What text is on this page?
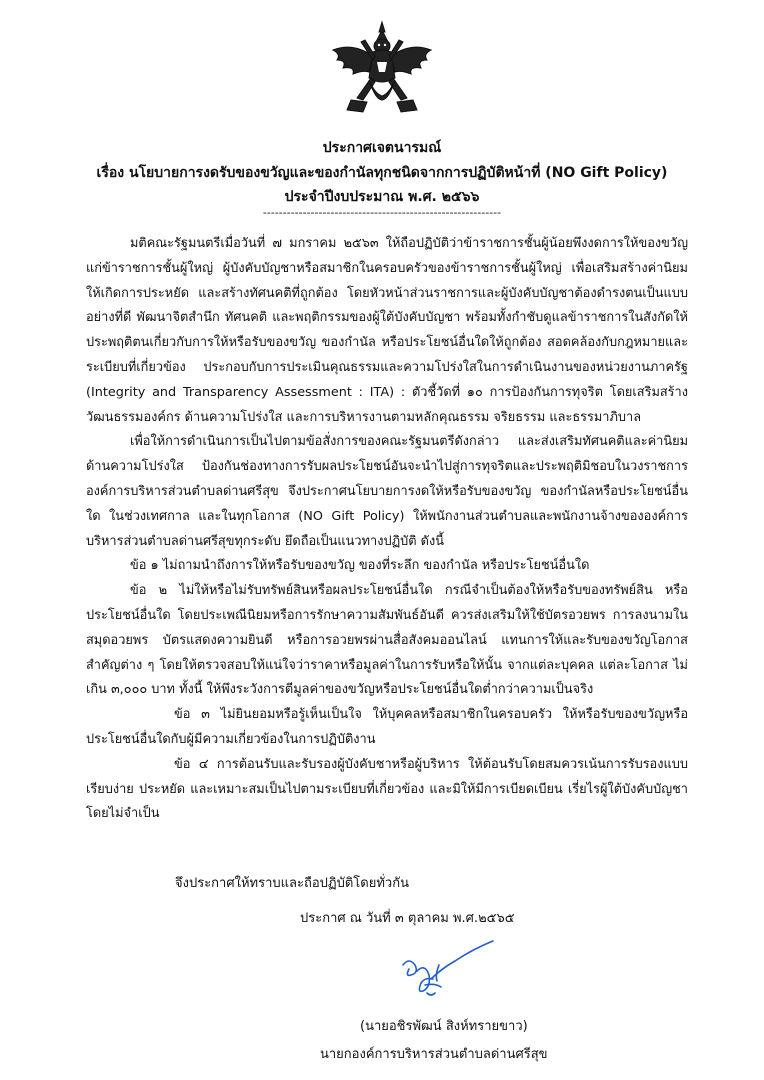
ประกาศเจตนารมณ์
เรื่อง นโยบายการงดรับของขวัญและของกำนัลทุกชนิดจากการปฏิบัติหน้าที่ (NO Gift Policy)
ประจำปีงบประมาณ พ.ศ. ๒๕๖๖
------------------------------------------------------------

มติคณะรัฐมนตรีเมื่อวันที่ ๗ มกราคม ๒๕๖๓ ให้ถือปฏิบัติว่าข้าราชการชั้นผู้น้อยพึงงดการให้ของขวัญแก่ข้าราชการชั้นผู้ใหญ่ ผู้บังคับบัญชาหรือสมาชิกในครอบครัวของข้าราชการชั้นผู้ใหญ่ เพื่อเสริมสร้างค่านิยมให้เกิดการประหยัด และสร้างทัศนคติที่ถูกต้อง โดยหัวหน้าส่วนราชการและผู้บังคับบัญชาต้องดำรงตนเป็นแบบอย่างที่ดี พัฒนาจิตสำนึก ทัศนคติ และพฤติกรรมของผู้ใต้บังคับบัญชา พร้อมทั้งกำชับดูแลข้าราชการในสังกัดให้ประพฤติตนเกี่ยวกับการให้หรือรับของขวัญ ของกำนัล หรือประโยชน์อื่นใดให้ถูกต้อง สอดคล้องกับกฎหมายและระเบียบที่เกี่ยวข้อง ประกอบกับการประเมินคุณธรรมและความโปร่งใสในการดำเนินงานของหน่วยงานภาครัฐ (Integrity and Transparency Assessment : ITA) : ตัวชี้วัดที่ ๑๐ การป้องกันการทุจริต โดยเสริมสร้างวัฒนธรรมองค์กร ด้านความโปร่งใส และการบริหารงานตามหลักคุณธรรม จริยธรรม และธรรมาภิบาล

เพื่อให้การดำเนินการเป็นไปตามข้อสั่งการของคณะรัฐมนตรีดังกล่าว และส่งเสริมทัศนคติและค่านิยมด้านความโปร่งใส ป้องกันช่องทางการรับผลประโยชน์อันจะนำไปสู่การทุจริตและประพฤติมิชอบในวงราชการ องค์การบริหารส่วนตำบลด่านศรีสุข จึงประกาศนโยบายการงดให้หรือรับของขวัญ ของกำนัลหรือประโยชน์อื่นใด ในช่วงเทศกาล และในทุกโอกาส (NO Gift Policy) ให้พนักงานส่วนตำบลและพนักงานจ้างขององค์การบริหารส่วนตำบลด่านศรีสุขทุกระดับ ยึดถือเป็นแนวทางปฏิบัติ ดังนี้

ข้อ ๑ ไม่ถามนำถึงการให้หรือรับของขวัญ ของที่ระลึก ของกำนัล หรือประโยชน์อื่นใด

ข้อ ๒ ไม่ให้หรือไม่รับทรัพย์สินหรือผลประโยชน์อื่นใด กรณีจำเป็นต้องให้หรือรับของทรัพย์สิน หรือประโยชน์อื่นใด โดยประเพณีนิยมหรือการรักษาความสัมพันธ์อันดี ควรส่งเสริมให้ใช้บัตรอวยพร การลงนามในสมุดอวยพร บัตรแสดงความยินดี หรือการอวยพรผ่านสื่อสังคมออนไลน์ แทนการให้และรับของขวัญโอกาสสำคัญต่าง ๆ โดยให้ตรวจสอบให้แน่ใจว่าราคาหรือมูลค่าในการรับหรือให้นั้น จากแต่ละบุคคล แต่ละโอกาส ไม่เกิน ๓,๐๐๐ บาท ทั้งนี้ ให้พึงระวังการตีมูลค่าของขวัญหรือประโยชน์อื่นใดต่ำกว่าความเป็นจริง

ข้อ ๓ ไม่ยินยอมหรือรู้เห็นเป็นใจ ให้บุคคลหรือสมาชิกในครอบครัว ให้หรือรับของขวัญหรือประโยชน์อื่นใดกับผู้มีความเกี่ยวข้องในการปฏิบัติงาน

ข้อ ๔ การต้อนรับและรับรองผู้บังคับชาหรือผู้บริหาร ให้ต้อนรับโดยสมควรเน้นการรับรองแบบเรียบง่าย ประหยัด และเหมาะสมเป็นไปตามระเบียบที่เกี่ยวข้อง และมิให้มีการเบียดเบียน เรี่ยไรผู้ใต้บังคับบัญชาโดยไม่จำเป็น

จึงประกาศให้ทราบและถือปฏิบัติโดยทั่วกัน
ประกาศ ณ วันที่ ๓ ตุลาคม พ.ศ.๒๕๖๕
(นายอชิรพัฒน์ สิงห์ทรายขาว)
นายกองค์การบริหารส่วนตำบลด่านศรีสุข
